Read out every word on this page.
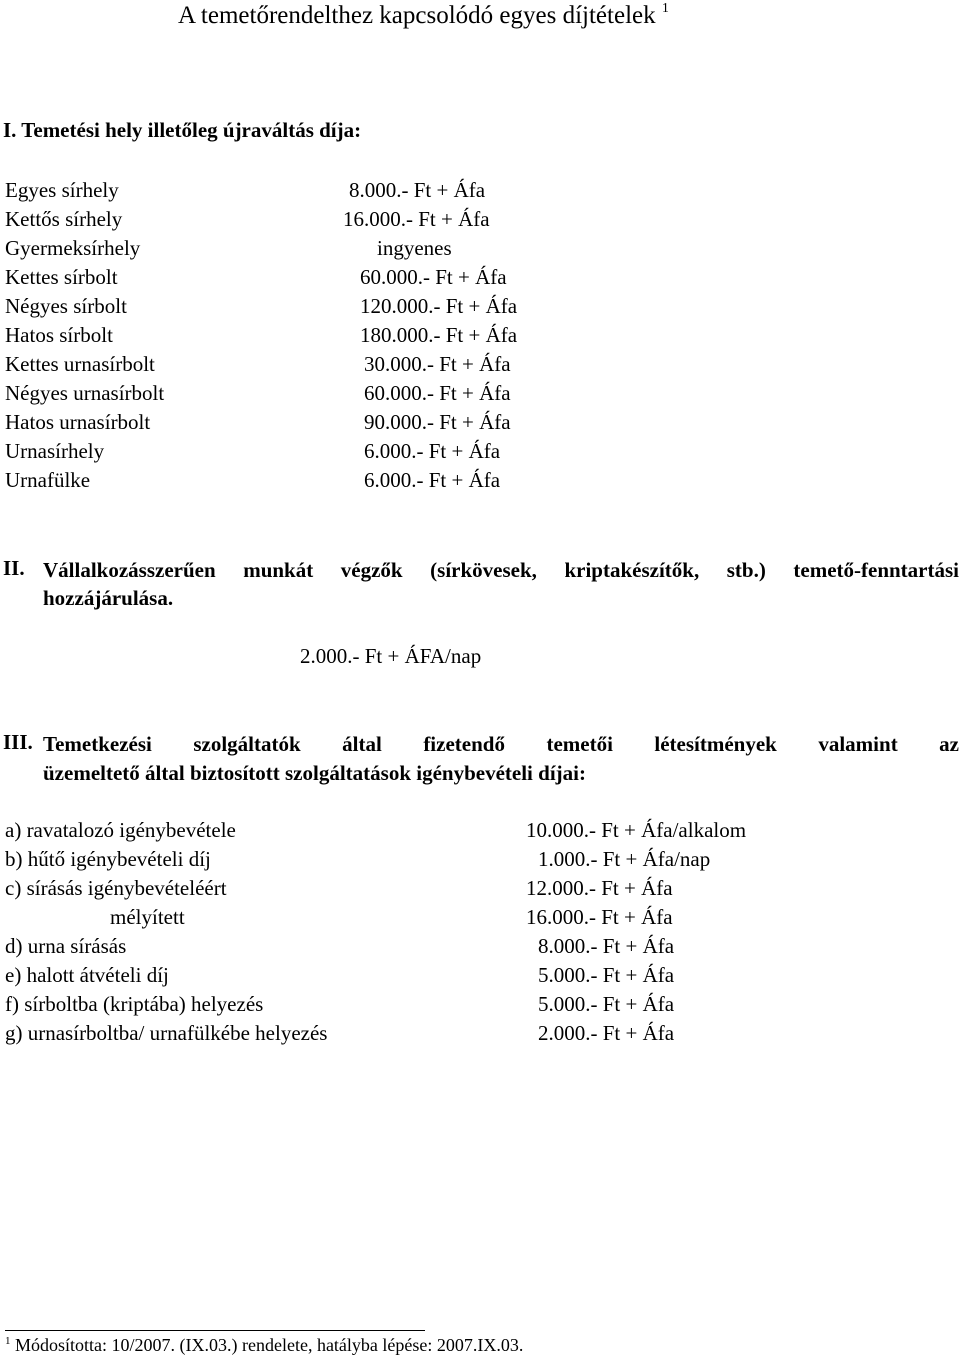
A temetőrendelthez kapcsolódó egyes díjtételek $^1$
I. Temetési hely illetőleg újraváltás díja:
Egyes sírhely
Kettős sírhely
Gyermeksírhely
Kettes sírbolt
Négyes sírbolt
Hatos sírbolt
Kettes urnasírbolt
Négyes urnasírbolt
Hatos urnasírbolt
Urnasírhely
Urnafülke
8.000.- Ft + Áfa
16.000.- Ft + Áfa
ingyenes
60.000.- Ft + Áfa
120.000.- Ft + Áfa
180.000.- Ft + Áfa
30.000.- Ft + Áfa
60.000.- Ft + Áfa
90.000.- Ft + Áfa
6.000.- Ft + Áfa
6.000.- Ft + Áfa
II. Vállalkozásszerűen munkát végzők (sírkövesek, kriptakészítők, stb.) temető-fenntartási hozzájárulása.
2.000.- Ft + ÁFA/nap
III. Temetkezési szolgáltatók által fizetendő temetői létesítmények valamint az
üzemeltető által biztosított szolgáltatások igénybevételi díjai:
a) ravatalozó igénybevétele
b) hűtő igénybevételi díj
c) sírásás igénybevételéért
mélyített
d) urna sírásás
e) halott átvételi díj
f) sírboltba (kriptába) helyezés
g) urnasírboltba/ urnafülkébe helyezés
10.000.- Ft + Áfa/alkalom
1.000.- Ft + Áfa/nap
12.000.- Ft + Áfa
16.000.- Ft + Áfa
8.000.- Ft + Áfa
5.000.- Ft + Áfa
5.000.- Ft + Áfa
2.000.- Ft + Áfa
$^1$ Módosította: 10/2007. (IX.03.) rendelete, hatályba lépése: 2007.IX.03.
